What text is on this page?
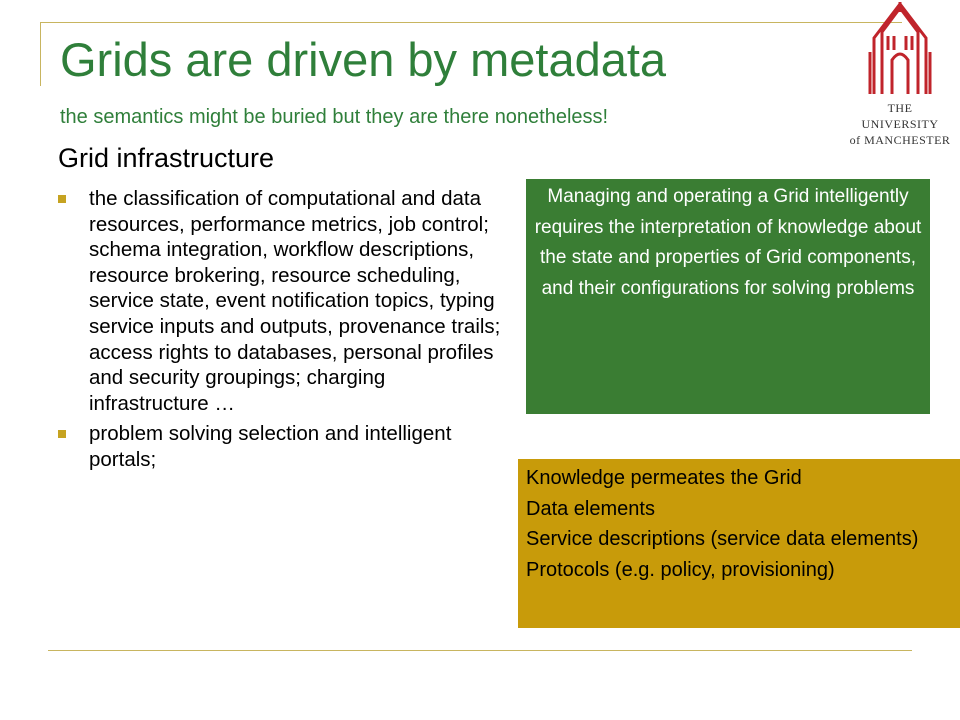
Grids are driven by metadata
the semantics might be buried but they are there nonetheless!	THE UNIVERSITY
of MANCHESTER
Grid infrastructure
the classification of computational and data resources, performance metrics, job control; schema integration, workflow descriptions, resource brokering, resource scheduling, service state, event notification topics, typing service inputs and outputs, provenance trails; access rights to databases, personal profiles and security groupings; charging infrastructure …
problem solving selection and intelligent portals;
Managing and operating a Grid intelligently requires the interpretation of knowledge about the state and properties of Grid components, and their configurations for solving problems
Knowledge permeates the Grid
Data elements
Service descriptions (service data elements)
Protocols (e.g. policy, provisioning)
